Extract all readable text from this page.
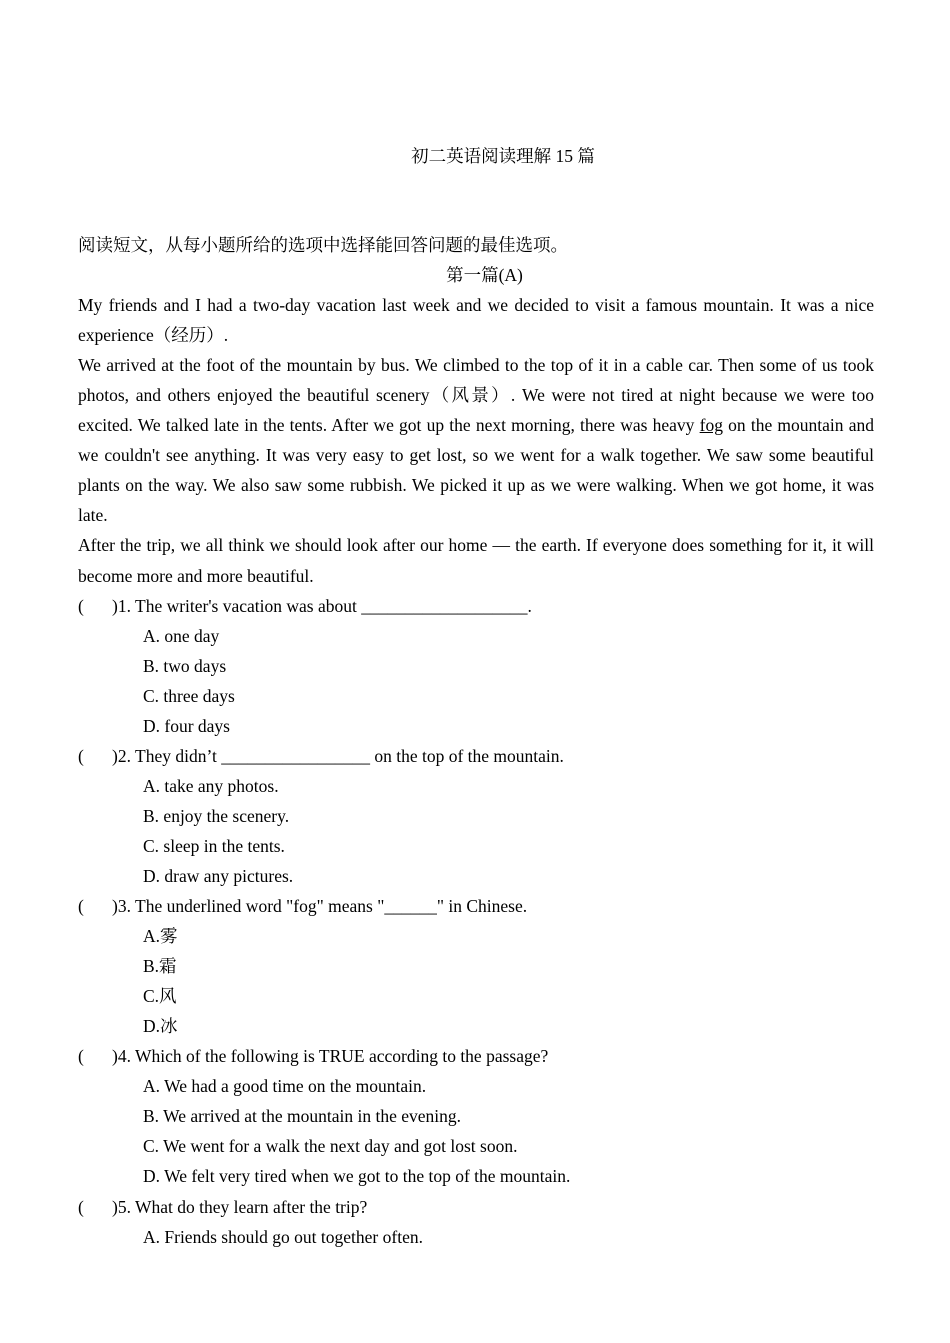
初二英语阅读理解 15 篇

阅读短文，从每小题所给的选项中选择能回答问题的最佳选项。

第一篇(A)

My friends and I had a two-day vacation last week and we decided to visit a famous mountain. It was a nice experience（经历）.

We arrived at the foot of the mountain by bus. We climbed to the top of it in a cable car. Then some of us took photos, and others enjoyed the beautiful scenery（风景）. We were not tired at night because we were too excited. We talked late in the tents. After we got up the next morning, there was heavy fog on the mountain and we couldn't see anything. It was very easy to get lost, so we went for a walk together. We saw some beautiful plants on the way. We also saw some rubbish. We picked it up as we were walking. When we got home, it was late.

After the trip, we all think we should look after our home — the earth. If everyone does something for it, it will become more and more beautiful.

( )1. The writer's vacation was about ___________________.

A. one day

B. two days

C. three days

D. four days

( )2. They didn’t _________________ on the top of the mountain.

A. take any photos.

B. enjoy the scenery.

C. sleep in the tents.

D. draw any pictures.

( )3. The underlined word "fog" means "______" in Chinese.

A.雾

B.霜

C.风

D.冰

( )4. Which of the following is TRUE according to the passage?

A. We had a good time on the mountain.

B. We arrived at the mountain in the evening.

C. We went for a walk the next day and got lost soon.

D. We felt very tired when we got to the top of the mountain.

( )5. What do they learn after the trip?

A. Friends should go out together often.
